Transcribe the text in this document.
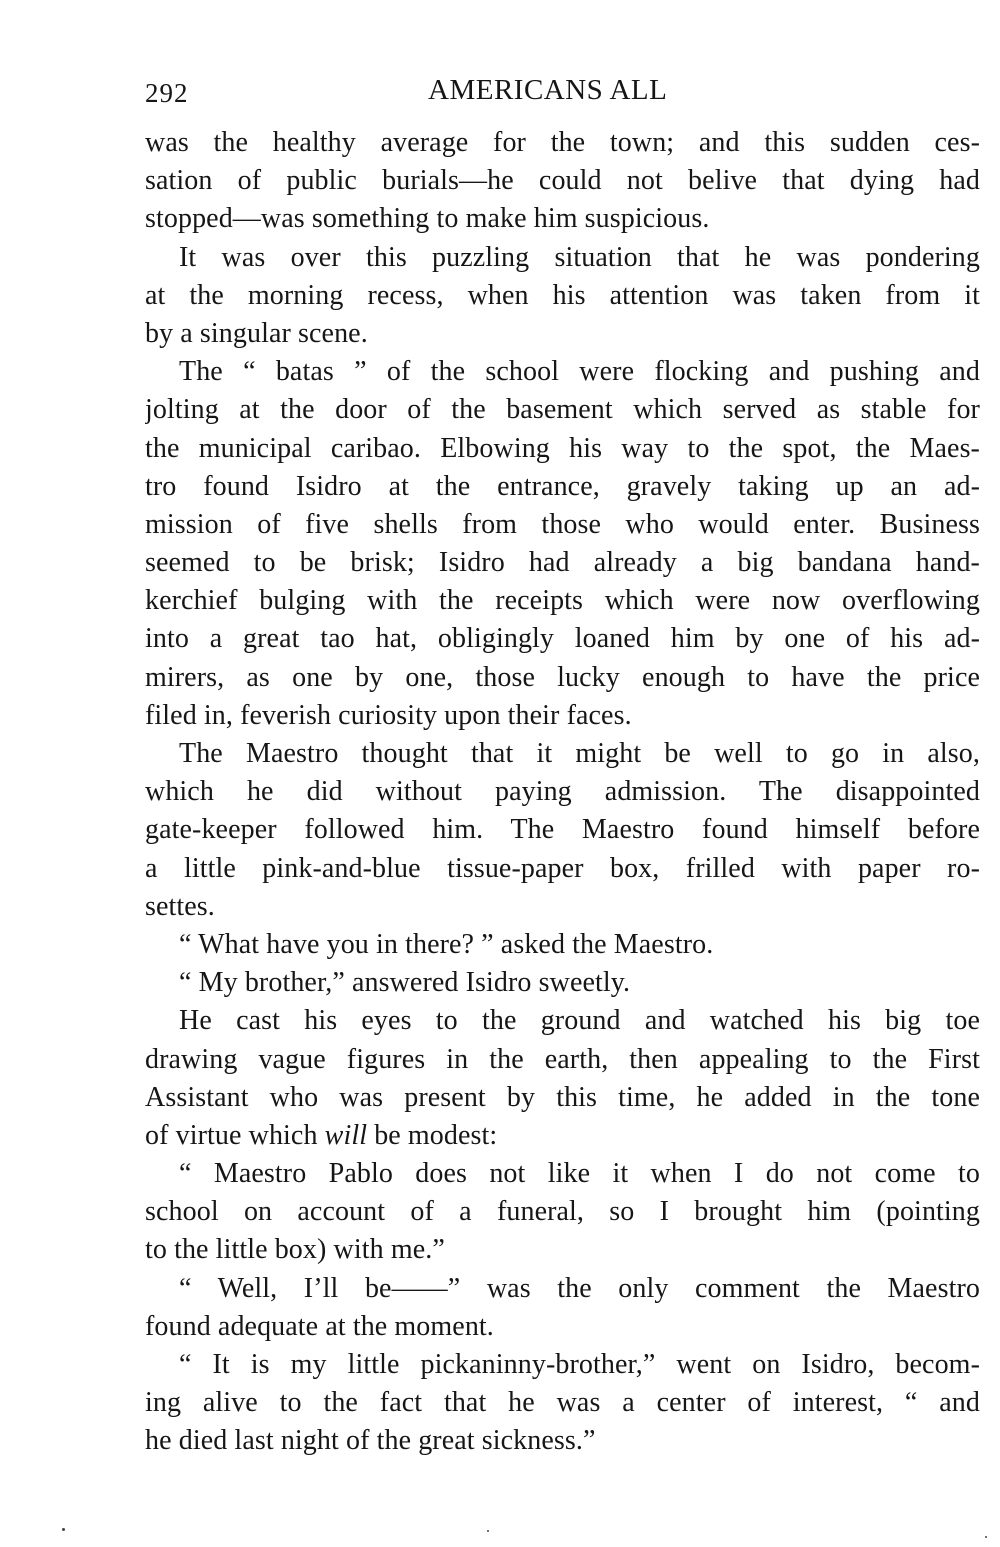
292	AMERICANS ALL
was the healthy average for the town; and this sudden ces-
sation of public burials—he could not belive that dying had
stopped—was something to make him suspicious.
It was over this puzzling situation that he was pondering
at the morning recess, when his attention was taken from it
by a singular scene.
The “ batas ” of the school were flocking and pushing and
jolting at the door of the basement which served as stable for
the municipal caribao. Elbowing his way to the spot, the Maes-
tro found Isidro at the entrance, gravely taking up an ad-
mission of five shells from those who would enter. Business
seemed to be brisk; Isidro had already a big bandana hand-
kerchief bulging with the receipts which were now overflowing
into a great tao hat, obligingly loaned him by one of his ad-
mirers, as one by one, those lucky enough to have the price
filed in, feverish curiosity upon their faces.
The Maestro thought that it might be well to go in also,
which he did without paying admission. The disappointed
gate-keeper followed him. The Maestro found himself before
a little pink-and-blue tissue-paper box, frilled with paper ro-
settes.
“ What have you in there? ” asked the Maestro.
“ My brother,” answered Isidro sweetly.
He cast his eyes to the ground and watched his big toe
drawing vague figures in the earth, then appealing to the First
Assistant who was present by this time, he added in the tone
of virtue which will be modest:
“ Maestro Pablo does not like it when I do not come to
school on account of a funeral, so I brought him (pointing
to the little box) with me.”
“ Well, I’ll be——” was the only comment the Maestro
found adequate at the moment.
“ It is my little pickaninny-brother,” went on Isidro, becom-
ing alive to the fact that he was a center of interest, “ and
he died last night of the great sickness.”
